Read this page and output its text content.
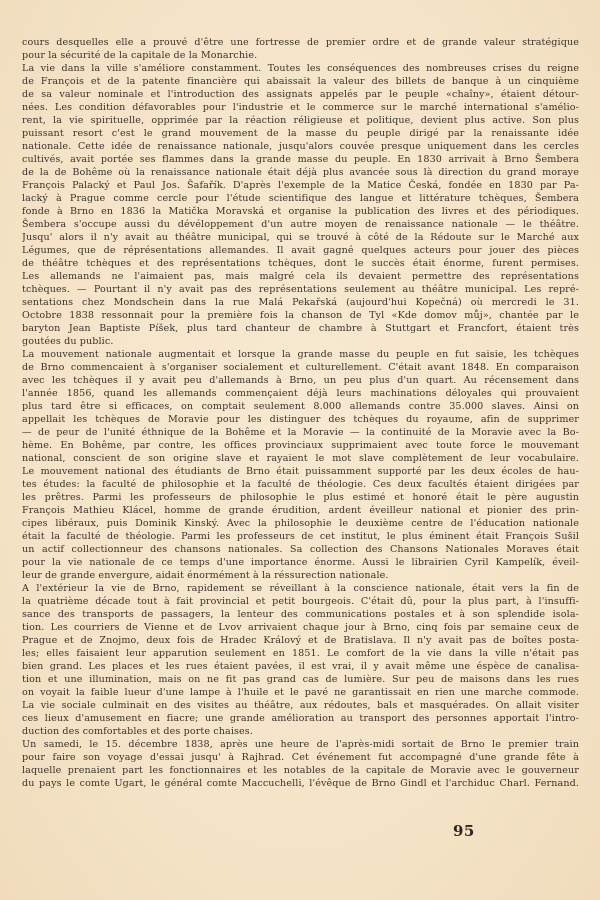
cours desquelles elle a prouvé d'être une fortresse de premier ordre et de grande valeur stratégique
pour la sécurité de la capitale de la Monarchie.
La vie dans la ville s'améliore constamment. Toutes les conséquences des nombreuses crises du reigne
de François et de la patente financière qui abaissait la valeur des billets de banque à un cinquième
de sa valeur nominale et l'introduction des assignats appelés par le peuple «chaîny», étaient détour-
nées. Les condition défavorables pour l'industrie et le commerce sur le marché international s'amélio-
rent, la vie spirituelle, opprimée par la réaction réligieuse et politique, devient plus active. Son plus
puissant resort c'est le grand mouvement de la masse du peuple dirigé par la renaissante idée
nationale. Cette idée de renaissance nationale, jusqu'alors couvée presque uniquement dans les cercles
cultivés, avait portée ses flammes dans la grande masse du peuple. En 1830 arrivait à Brno Šembera
de la de Bohême où la renaissance nationale était déjà plus avancée sous là direction du grand moraye
François Palacký et Paul Jos. Šafařík. D'après l'exemple de la Matice Česká, fondée en 1830 par Pa-
lacký à Prague comme cercle pour l'étude scientifique des langue et littérature tchèques, Šembera
fonde à Brno en 1836 la Matička Moravská et organise la publication des livres et des périodiques.
Šembera s'occupe aussi du dévéloppement d'un autre moyen de renaissance nationale — le théâtre.
Jusqu' alors il n'y avait au théâtre municipal, qui se trouvé à côté de la Rédoute sur le Marché aux
Légumes, que de réprésentations allemandes. Il avait gagné quelques acteurs pour jouer des pièces
de théâtre tchèques et des représentations tchèques, dont le succès était énorme, furent permises.
Les allemands ne l'aimaient pas, mais malgré cela ils devaient permettre des représentations
tchèques. — Pourtant il n'y avait pas des représentations seulement au théâtre municipal. Les repré-
sentations chez Mondschein dans la rue Malá Pekařská (aujourd'hui Kopečná) où mercredi le 31.
Octobre 1838 ressonnait pour la première fois la chanson de Tyl «Kde domov můj», chantée par le
baryton Jean Baptiste Píšek, plus tard chanteur de chambre à Stuttgart et Francfort, étaient très
goutées du public.
La mouvement nationale augmentait et lorsque la grande masse du peuple en fut saisie, les tchèques
de Brno commencaient à s'organiser socialement et culturellement. C'était avant 1848. En comparaison
avec les tchèques il y avait peu d'allemands à Brno, un peu plus d'un quart. Au récensement dans
l'année 1856, quand les allemands commençaient déjà leurs machinations déloyales qui prouvaient
plus tard être si efficaces, on comptait seulement 8.000 allemands contre 35.000 slaves. Ainsi on
appellait les tchèques de Moravie pour les distinguer des tchèques du royaume, afin de supprimer
— de peur de l'unité éthnique de la Bohême et la Moravie — la continuité de la Moravie avec la Bo-
hème. En Bohême, par contre, les offices provinciaux supprimaient avec toute force le mouvemant
national, conscient de son origine slave et rayaient le mot slave complètement de leur vocabulaire.
Le mouvement national des étudiants de Brno était puissamment supporté par les deux écoles de hau-
tes études: la faculté de philosophie et la faculté de théologie. Ces deux facultés étaient dirigées par
les prêtres. Parmi les professeurs de philosophie le plus estimé et honoré était le père augustin
François Mathieu Klácel, homme de grande érudition, ardent éveilleur national et pionier des prin-
cipes libéraux, puis Dominik Kinský. Avec la philosophie le deuxième centre de l'éducation nationale
était la faculté de théologie. Parmi les professeurs de cet institut, le plus éminent était François Sušil
un actif collectionneur des chansons nationales. Sa collection des Chansons Nationales Moraves était
pour la vie nationale de ce temps d'une importance énorme. Aussi le librairien Cyril Kampelík, éveil-
leur de grande envergure, aidait énormément à la réssurection nationale.
A l'extérieur la vie de Brno, rapidement se réveillant à la conscience nationale, était vers la fin de
la quatrième décade tout à fait provincial et petit bourgeois. C'était dû, pour la plus part, à l'insuffi-
sance des transports de passagers, la lenteur des communications postales et à son splendide isola-
tion. Les courriers de Vienne et de Lvov arrivaient chaque jour à Brno, cinq fois par semaine ceux de
Prague et de Znojmo, deux fois de Hradec Králový et de Bratislava. Il n'y avait pas de boîtes posta-
les; elles faisaient leur apparution seulement en 1851. Le comfort de la vie dans la ville n'était pas
bien grand. Les places et les rues étaient pavées, il est vrai, il y avait même une éspèce de canalisa-
tion et une illumination, mais on ne fit pas grand cas de lumière. Sur peu de maisons dans les rues
on voyait la faible lueur d'une lampe à l'huile et le pavé ne garantissait en rien une marche commode.
La vie sociale culminait en des visites au théâtre, aux rédoutes, bals et masquérades. On allait visiter
ces lieux d'amusement en fiacre; une grande amélioration au transport des personnes apportait l'intro-
duction des comfortables et des porte chaises.
Un samedi, le 15. décembre 1838, après une heure de l'après-midi sortait de Brno le premier train
pour faire son voyage d'essai jusqu' à Rajhrad. Cet événement fut accompagné d'une grande fête à
laquelle prenaient part les fonctionnaires et les notables de la capitale de Moravie avec le gouverneur
du pays le comte Ugart, le général comte Maccuchelli, l'évêque de Brno Gindl et l'archiduc Charl. Fernand.
95
